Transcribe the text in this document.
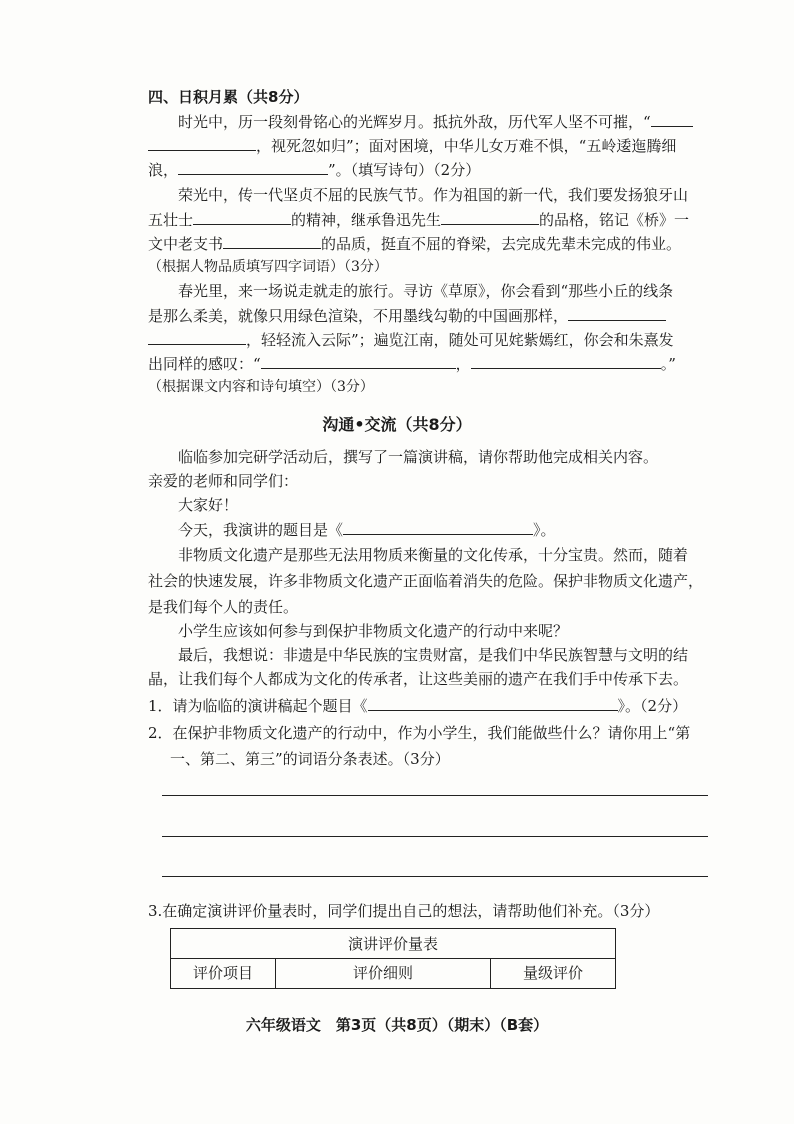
四、日积月累（共8分）
时光中，历一段刻骨铭心的光辉岁月。抵抗外敌，历代军人坚不可摧，“
，视死忽如归”；面对困境，中华儿女万难不惧，“五岭逶迤腾细
浪，	”。（填写诗句）（2分）
荣光中，传一代坚贞不屈的民族气节。作为祖国的新一代，我们要发扬狼牙山
五壮士	的精神，继承鲁迅先生	的品格，铭记《桥》一
文中老支书	的品质，挺直不屈的脊梁，去完成先辈未完成的伟业。
（根据人物品质填写四字词语）（3分）
春光里，来一场说走就走的旅行。寻访《草原》，你会看到“那些小丘的线条
是那么柔美，就像只用绿色渲染，不用墨线勾勒的中国画那样，
，轻轻流入云际”；遍览江南，随处可见姹紫嫣红，你会和朱熹发
出同样的感叹：“	，	。”
（根据课文内容和诗句填空）（3分）
沟通•交流（共8分）
临临参加完研学活动后，撰写了一篇演讲稿，请你帮助他完成相关内容。
亲爱的老师和同学们：
大家好！
今天，我演讲的题目是《	》。
非物质文化遗产是那些无法用物质来衡量的文化传承，十分宝贵。然而，随着
社会的快速发展，许多非物质文化遗产正面临着消失的危险。保护非物质文化遗产，
是我们每个人的责任。
小学生应该如何参与到保护非物质文化遗产的行动中来呢？
最后，我想说：非遗是中华民族的宝贵财富，是我们中华民族智慧与文明的结
晶，让我们每个人都成为文化的传承者，让这些美丽的遗产在我们手中传承下去。
1．请为临临的演讲稿起个题目《	》。（2分）
2．在保护非物质文化遗产的行动中，作为小学生，我们能做些什么？请你用上“第
一、第二、第三”的词语分条表述。（3分）
3.在确定演讲评价量表时，同学们提出自己的想法，请帮助他们补充。（3分）
演讲评价量表
评价项目	评价细则	量级评价
六年级语文　第3页（共8页）（期末）（B套）
